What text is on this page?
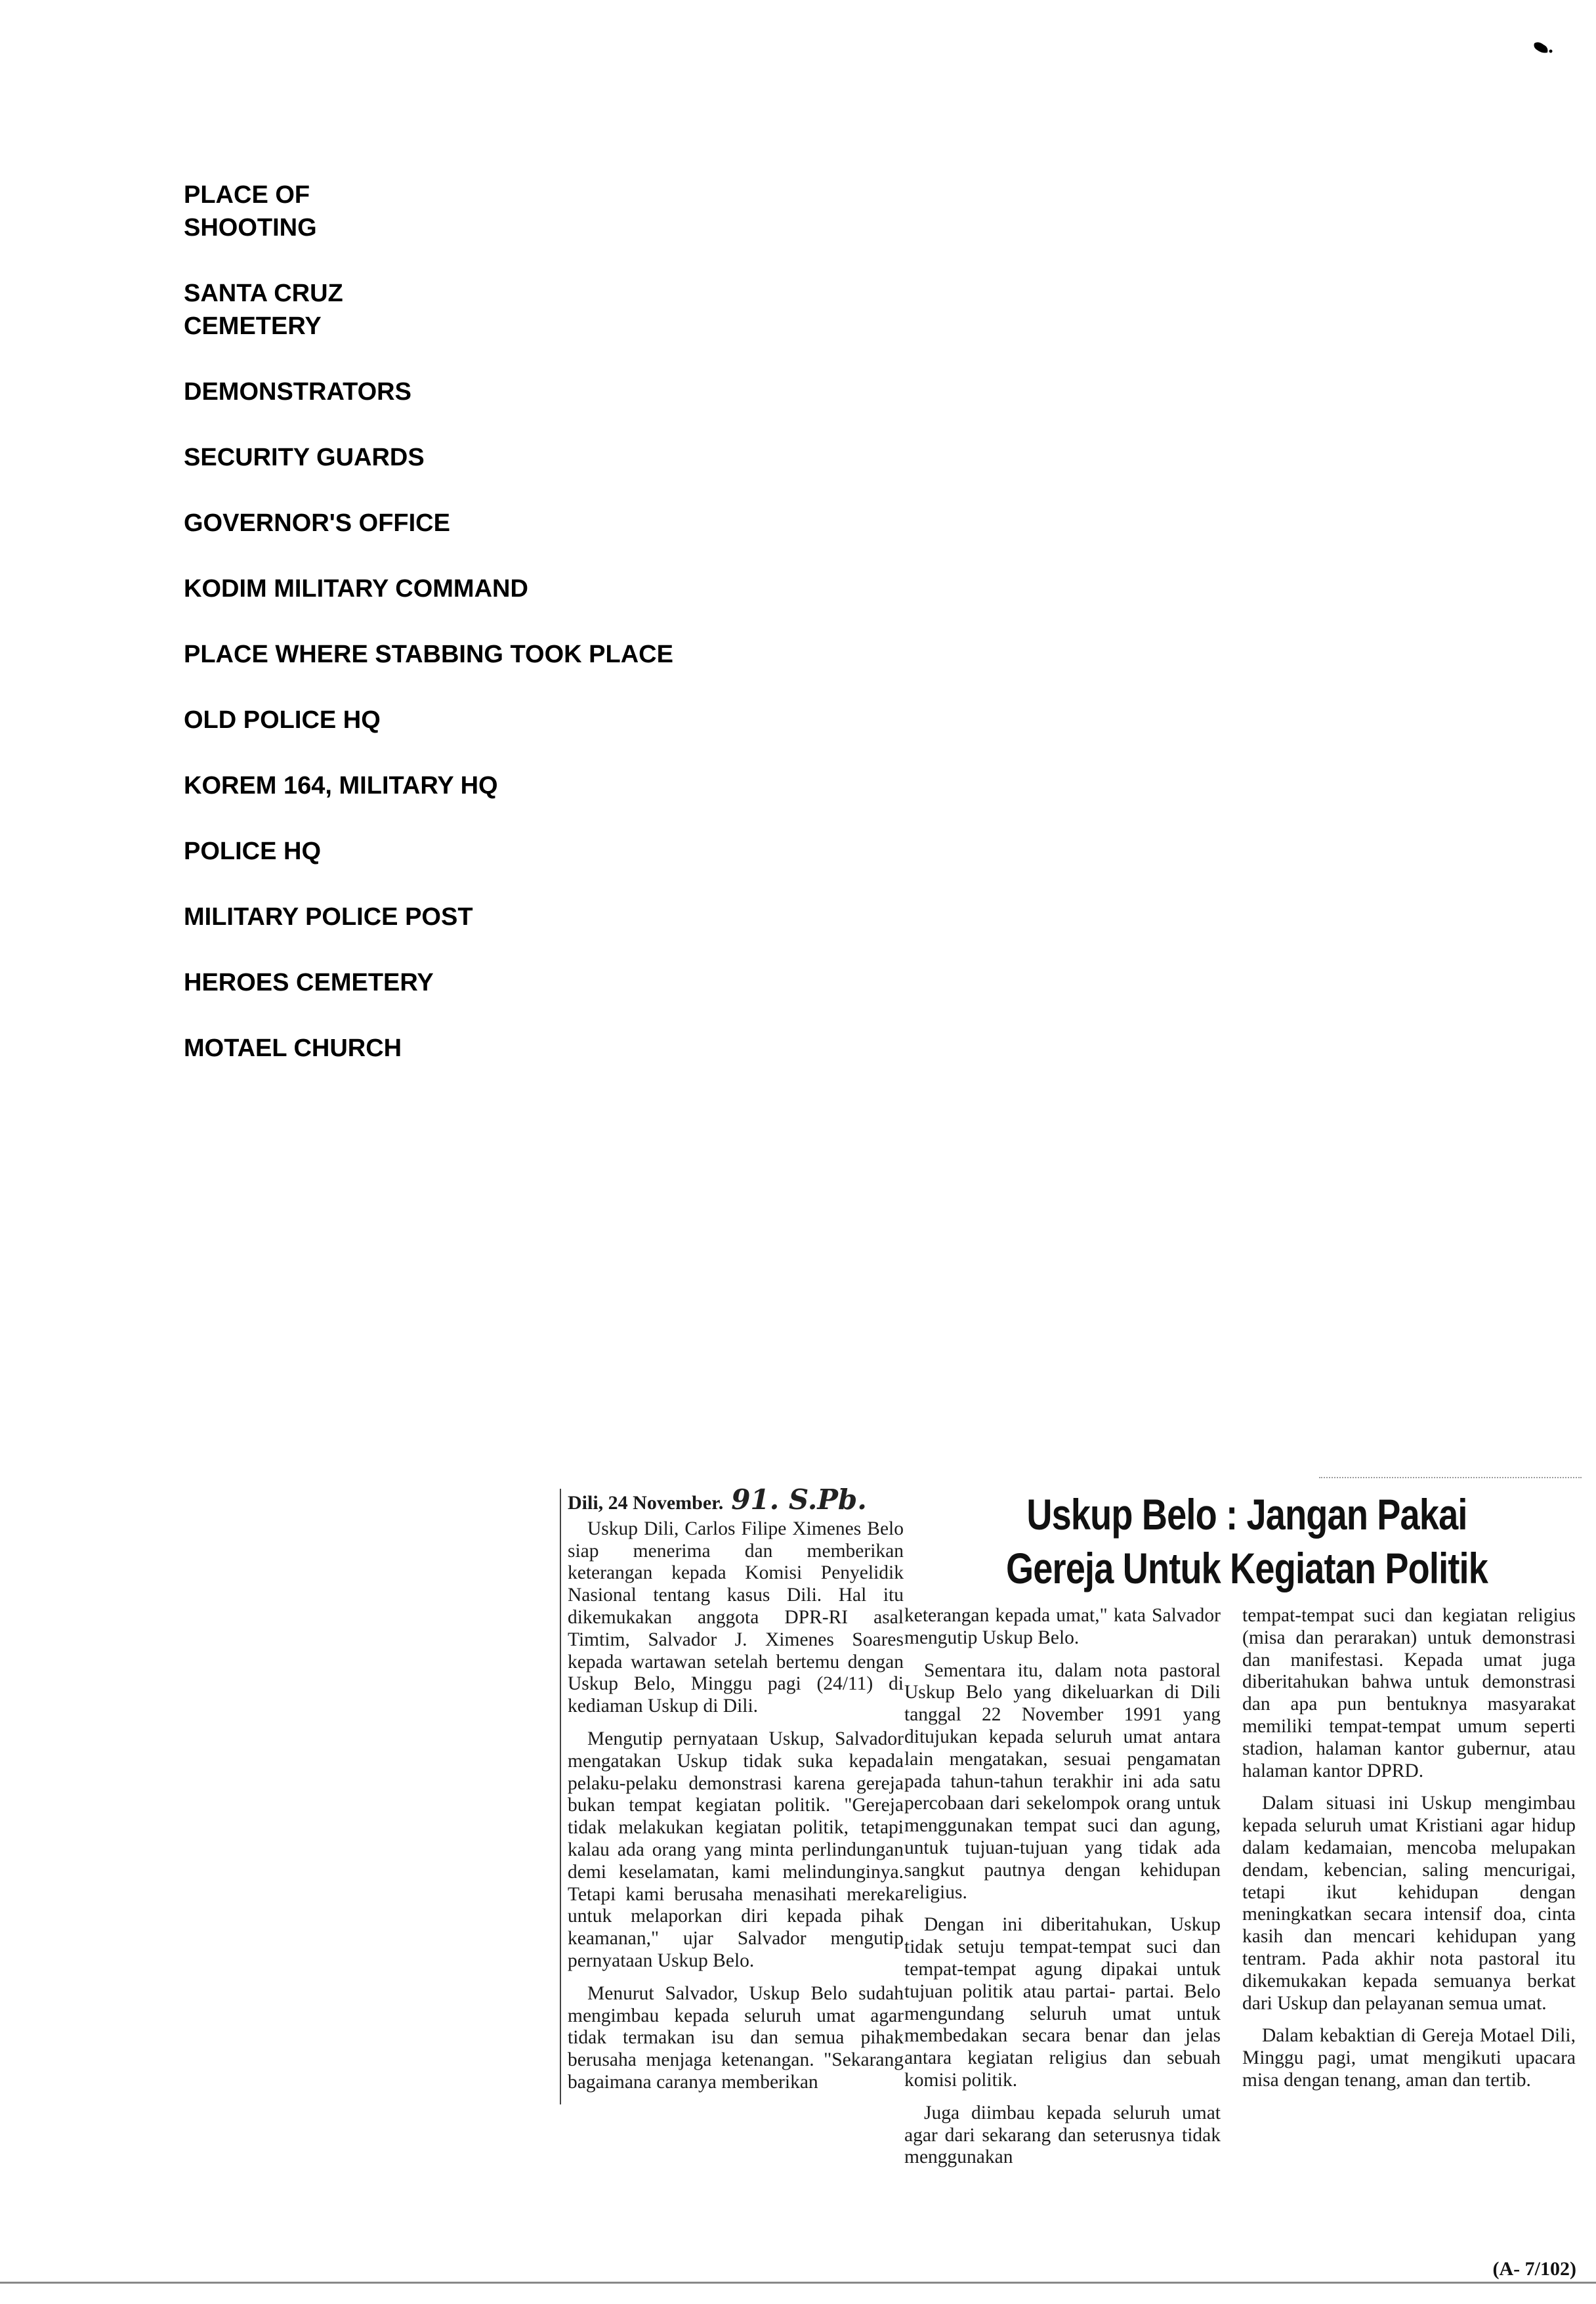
PLACE OF
SHOOTING
SANTA CRUZ
CEMETERY
DEMONSTRATORS
SECURITY GUARDS
GOVERNOR'S OFFICE
KODIM MILITARY COMMAND
PLACE WHERE STABBING TOOK PLACE
OLD POLICE HQ
KOREM 164, MILITARY HQ
POLICE HQ
MILITARY POLICE POST
HEROES CEMETERY
MOTAEL CHURCH
Uskup Belo : Jangan Pakai Gereja Untuk Kegiatan Politik
Dili, 24 November. 91. S.Pb.

Uskup Dili, Carlos Filipe Ximenes Belo siap menerima dan memberikan keterangan kepada Komisi Penyelidik Nasional tentang kasus Dili. Hal itu dikemukakan anggota DPR-RI asal Timtim, Salvador J. Ximenes Soares kepada wartawan setelah bertemu dengan Uskup Belo, Minggu pagi (24/11) di kediaman Uskup di Dili.

Mengutip pernyataan Uskup, Salvador mengatakan Uskup tidak suka kepada pelaku-pelaku demonstrasi karena gereja bukan tempat kegiatan politik. "Gereja tidak melakukan kegiatan politik, tetapi kalau ada orang yang minta perlindungan demi keselamatan, kami melindunginya. Tetapi kami berusaha menasihati mereka untuk melaporkan diri kepada pihak keamanan," ujar Salvador mengutip pernyataan Uskup Belo.

Menurut Salvador, Uskup Belo sudah mengimbau kepada seluruh umat agar tidak termakan isu dan semua pihak berusaha menjaga ketenangan. "Sekarang bagaimana caranya memberikan

keterangan kepada umat," kata Salvador mengutip Uskup Belo.

Sementara itu, dalam nota pastoral Uskup Belo yang dikeluarkan di Dili tanggal 22 November 1991 yang ditujukan kepada seluruh umat antara lain mengatakan, sesuai pengamatan pada tahun-tahun terakhir ini ada satu percobaan dari sekelompok orang untuk menggunakan tempat suci dan agung, untuk tujuan-tujuan yang tidak ada sangkut pautnya dengan kehidupan religius.

Dengan ini diberitahukan, Uskup tidak setuju tempat-tempat suci dan tempat-tempat agung dipakai untuk tujuan politik atau partai- partai. Belo mengundang seluruh umat untuk membedakan secara benar dan jelas antara kegiatan religius dan sebuah komisi politik.

Juga diimbau kepada seluruh umat agar dari sekarang dan seterusnya tidak menggunakan

tempat-tempat suci dan kegiatan religius (misa dan perarakan) untuk demonstrasi dan manifestasi. Kepada umat juga diberitahukan bahwa untuk demonstrasi dan apa pun bentuknya masyarakat memiliki tempat-tempat umum seperti stadion, halaman kantor gubernur, atau halaman kantor DPRD.

Dalam situasi ini Uskup mengimbau kepada seluruh umat Kristiani agar hidup dalam kedamaian, mencoba melupakan dendam, kebencian, saling mencurigai, tetapi ikut kehidupan dengan meningkatkan secara intensif doa, cinta kasih dan mencari kehidupan yang tentram. Pada akhir nota pastoral itu dikemukakan kepada semuanya berkat dari Uskup dan pelayanan semua umat.

Dalam kebaktian di Gereja Motael Dili, Minggu pagi, umat mengikuti upacara misa dengan tenang, aman dan tertib.

(A- 7/102)
